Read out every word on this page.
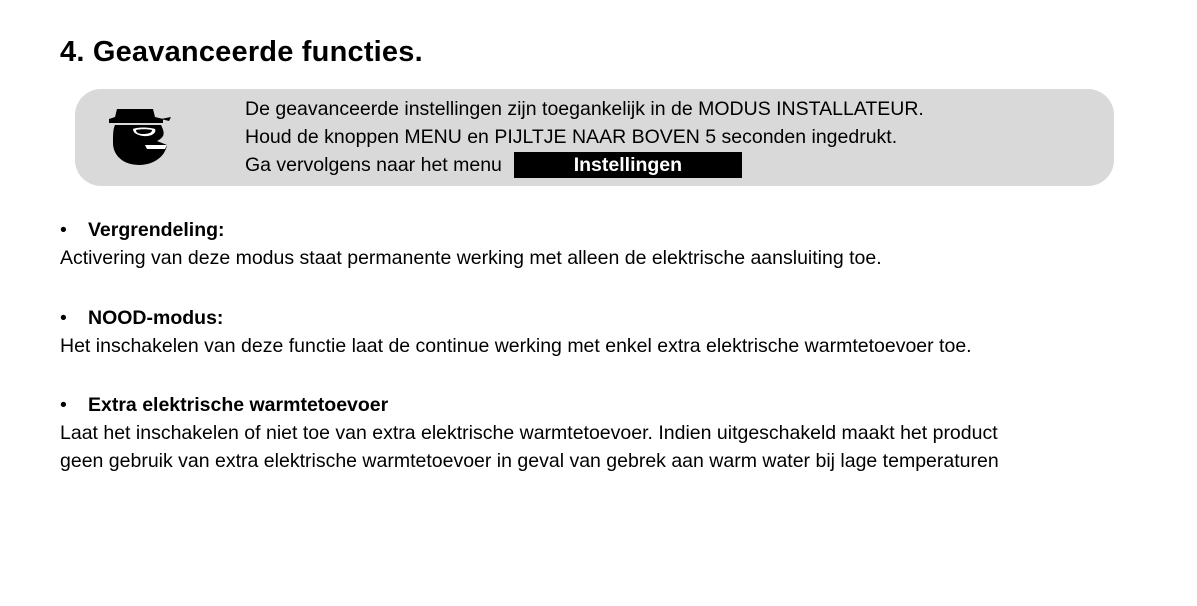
4. Geavanceerde functies.
De geavanceerde instellingen zijn toegankelijk in de MODUS INSTALLATEUR.
Houd de knoppen MENU en PIJLTJE NAAR BOVEN 5 seconden ingedrukt.
Ga vervolgens naar het menu	Instellingen
• Vergrendeling:
Activering van deze modus staat permanente werking met alleen de elektrische aansluiting toe.
• NOOD-modus:
Het inschakelen van deze functie laat de continue werking met enkel extra elektrische warmtetoevoer toe.
• Extra elektrische warmtetoevoer
Laat het inschakelen of niet toe van extra elektrische warmtetoevoer. Indien uitgeschakeld maakt het product
geen gebruik van extra elektrische warmtetoevoer in geval van gebrek aan warm water bij lage temperaturen
